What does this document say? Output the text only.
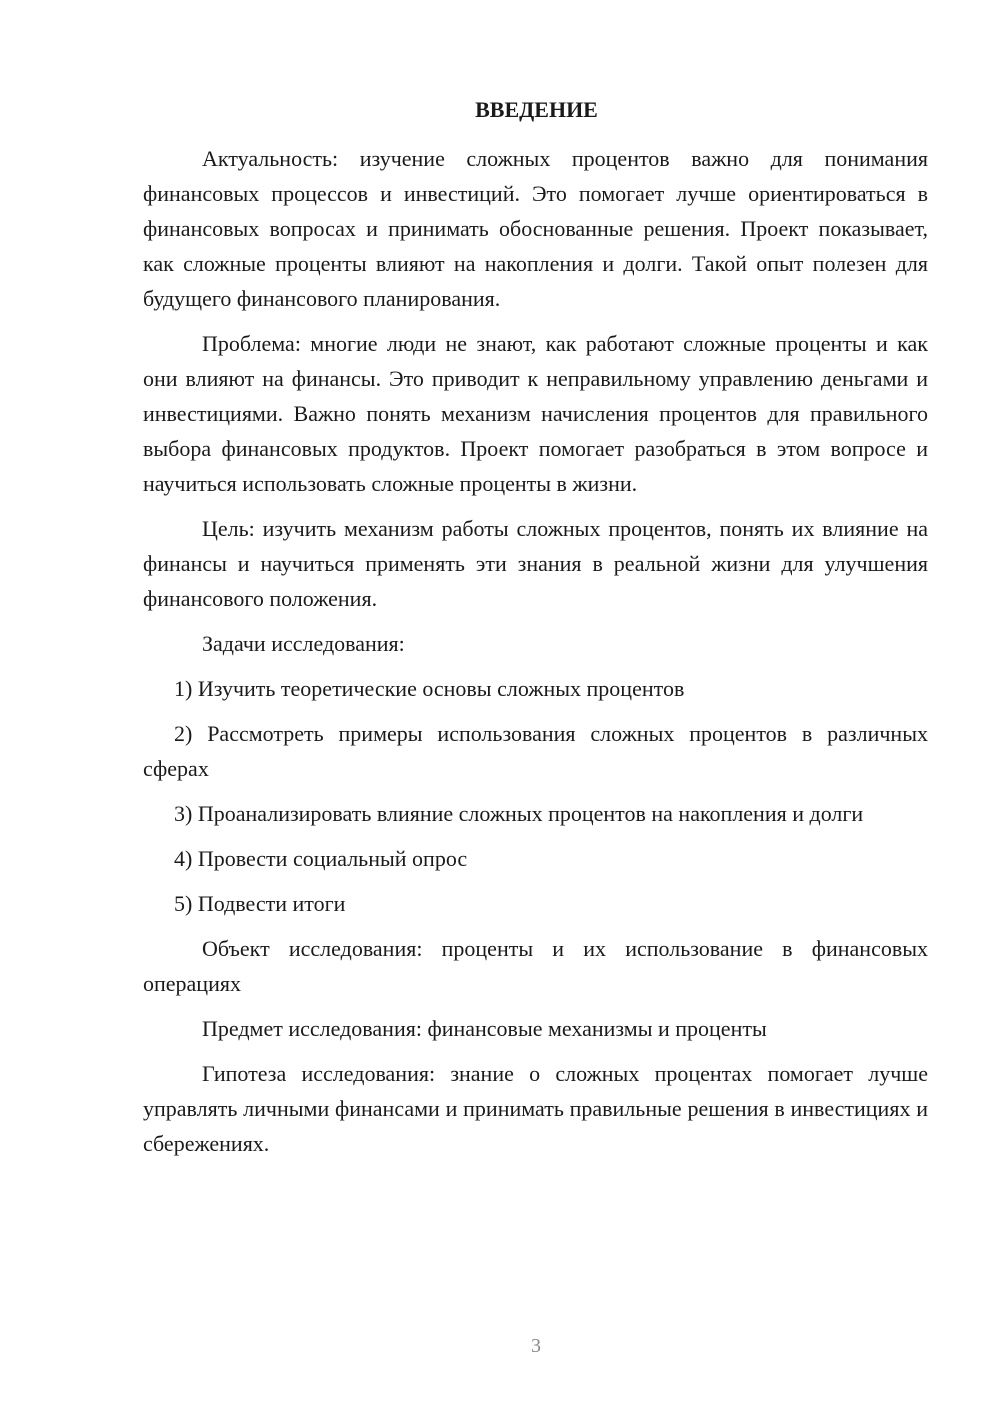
ВВЕДЕНИЕ

Актуальность: изучение сложных процентов важно для понимания финансовых процессов и инвестиций. Это помогает лучше ориентироваться в финансовых вопросах и принимать обоснованные решения. Проект показывает, как сложные проценты влияют на накопления и долги. Такой опыт полезен для будущего финансового планирования.

Проблема: многие люди не знают, как работают сложные проценты и как они влияют на финансы. Это приводит к неправильному управлению деньгами и инвестициями. Важно понять механизм начисления процентов для правильного выбора финансовых продуктов. Проект помогает разобраться в этом вопросе и научиться использовать сложные проценты в жизни.

Цель: изучить механизм работы сложных процентов, понять их влияние на финансы и научиться применять эти знания в реальной жизни для улучшения финансового положения.

Задачи исследования:

1) Изучить теоретические основы сложных процентов

2) Рассмотреть примеры использования сложных процентов в различных сферах

3) Проанализировать влияние сложных процентов на накопления и долги

4) Провести социальный опрос

5) Подвести итоги

Объект исследования: проценты и их использование в финансовых операциях

Предмет исследования: финансовые механизмы и проценты

Гипотеза исследования: знание о сложных процентах помогает лучше управлять личными финансами и принимать правильные решения в инвестициях и сбережениях.

3
